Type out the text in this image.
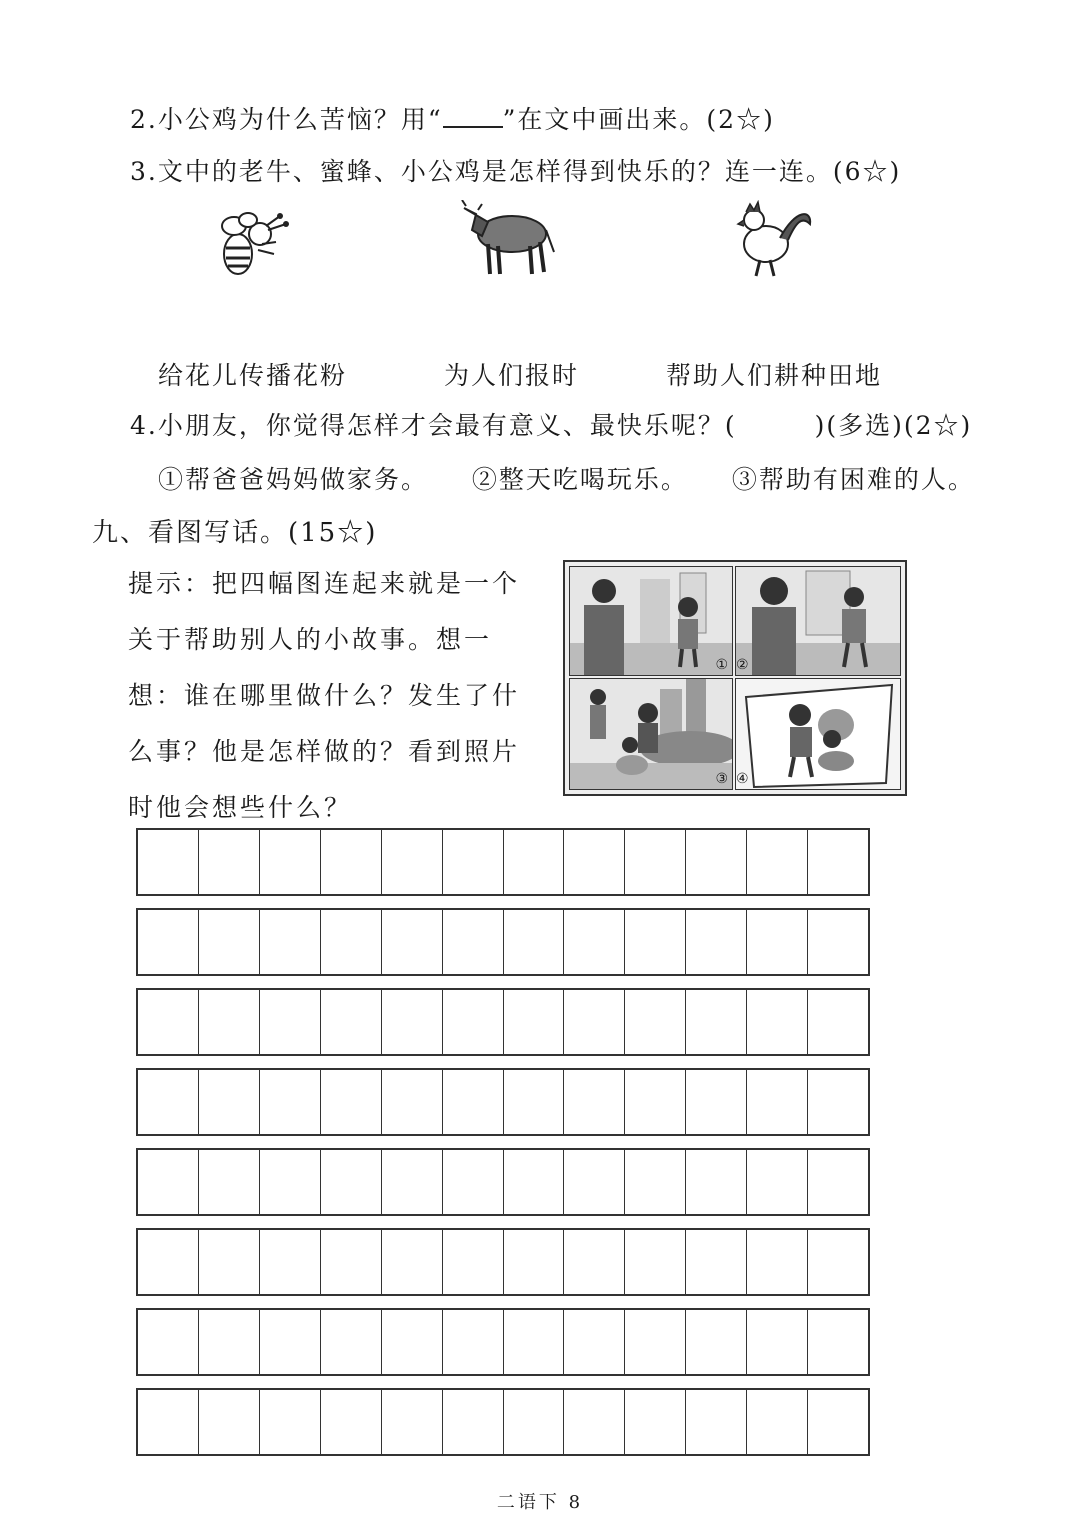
2.小公鸡为什么苦恼？用“ ”在文中画出来。(2☆)
3.文中的老牛、蜜蜂、小公鸡是怎样得到快乐的？连一连。(6☆)
给花儿传播花粉	为人们报时	帮助人们耕种田地
4.小朋友，你觉得怎样才会最有意义、最快乐呢？(	)(多选)(2☆)
①帮爸爸妈妈做家务。 ②整天吃喝玩乐。 ③帮助有困难的人。
九、看图写话。(15☆)
提示：把四幅图连起来就是一个关于帮助别人的小故事。想一想：谁在哪里做什么？发生了什么事？他是怎样做的？看到照片时他会想些什么？
① ②
③ ④
二语下 8
